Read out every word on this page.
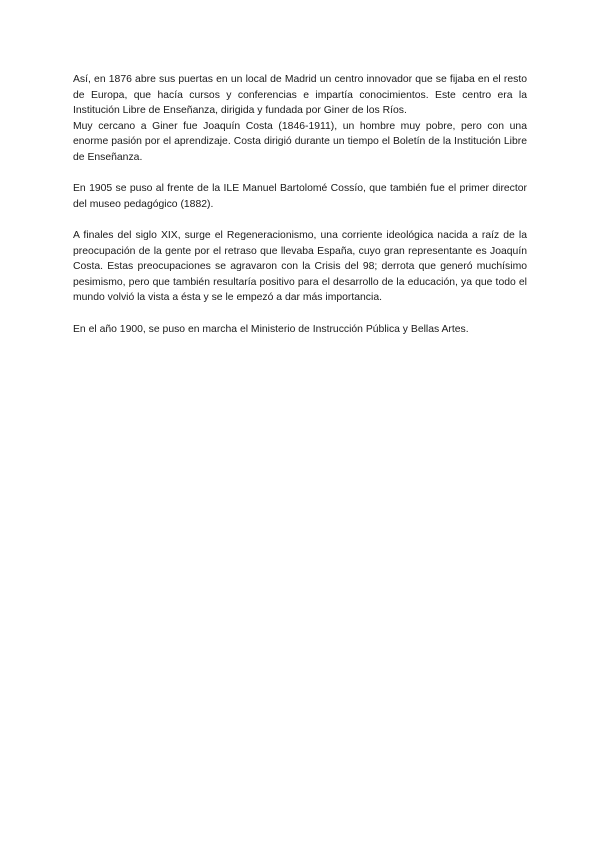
Así, en 1876 abre sus puertas en un local de Madrid un centro innovador que se fijaba en el resto de Europa, que hacía cursos y conferencias e impartía conocimientos. Este centro era la Institución Libre de Enseñanza, dirigida y fundada por Giner de los Ríos.

Muy cercano a Giner fue Joaquín Costa (1846-1911), un hombre muy pobre, pero con una enorme pasión por el aprendizaje. Costa dirigió durante un tiempo el Boletín de la Institución Libre de Enseñanza.

En 1905 se puso al frente de la ILE Manuel Bartolomé Cossío, que también fue el primer director del museo pedagógico (1882).

A finales del siglo XIX, surge el Regeneracionismo, una corriente ideológica nacida a raíz de la preocupación de la gente por el retraso que llevaba España, cuyo gran representante es Joaquín Costa. Estas preocupaciones se agravaron con la Crisis del 98; derrota que generó muchísimo pesimismo, pero que también resultaría positivo para el desarrollo de la educación, ya que todo el mundo volvió la vista a ésta y se le empezó a dar más importancia.

En el año 1900, se puso en marcha el Ministerio de Instrucción Pública y Bellas Artes.
